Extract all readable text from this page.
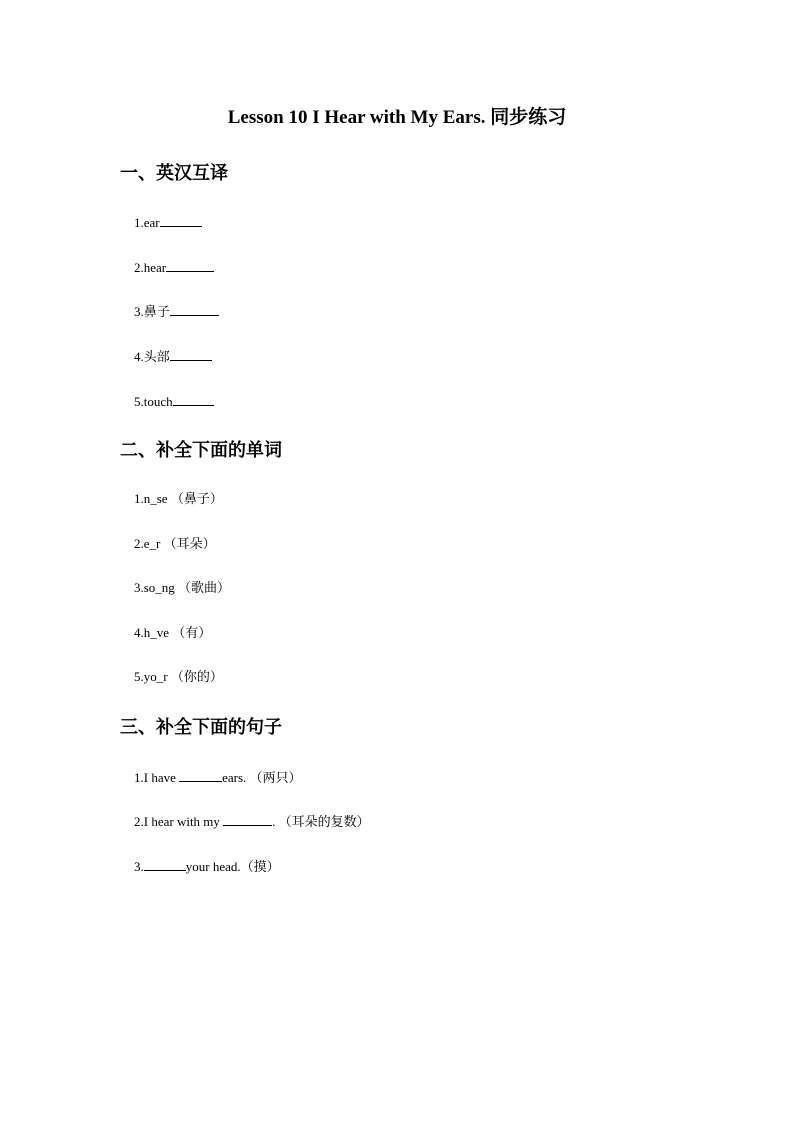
Lesson 10 I Hear with My Ears. 同步练习
一、英汉互译
1.ear
2.hear
3.鼻子
4.头部
5.touch
二、补全下面的单词
1.n_se （鼻子）
2.e_r （耳朵）
3.so_ng （歌曲）
4.h_ve （有）
5.yo_r （你的）
三、补全下面的句子
1.I have	ears. （两只）
2.I hear with my	. （耳朵的复数）
3.	your head.（摸）
